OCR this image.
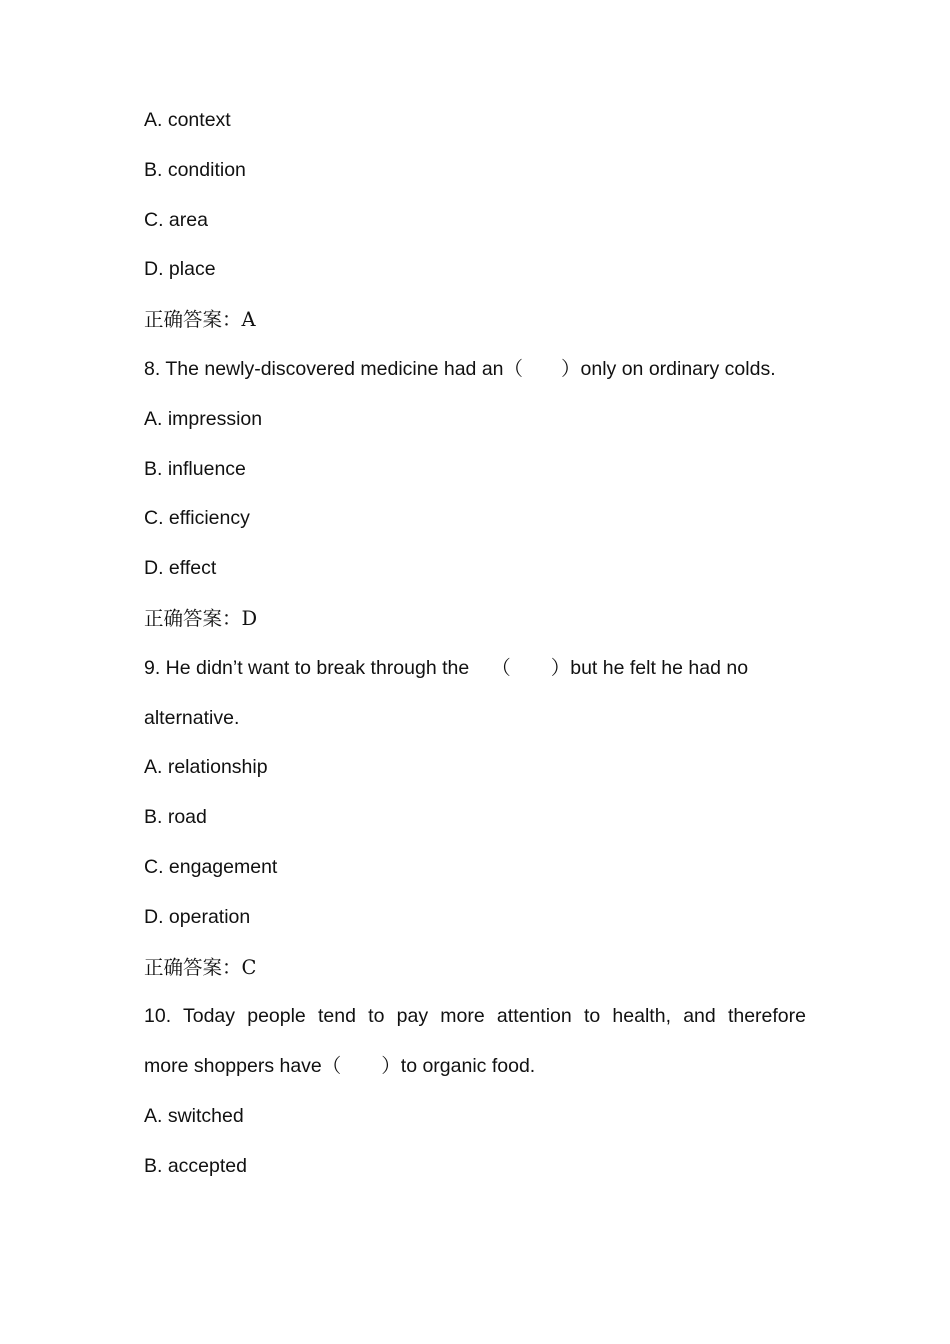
A. context
B. condition
C. area
D. place
正确答案：A
8. The newly-discovered medicine had an（ ）only on ordinary colds.
A. impression
B. influence
C. efficiency
D. effect
正确答案：D
9. He didn’t want to break through the （ ）but he felt he had no
alternative.
A. relationship
B. road
C. engagement
D. operation
正确答案：C
10. Today people tend to pay more attention to health, and therefore
more shoppers have（ ）to organic food.
A. switched
B. accepted
